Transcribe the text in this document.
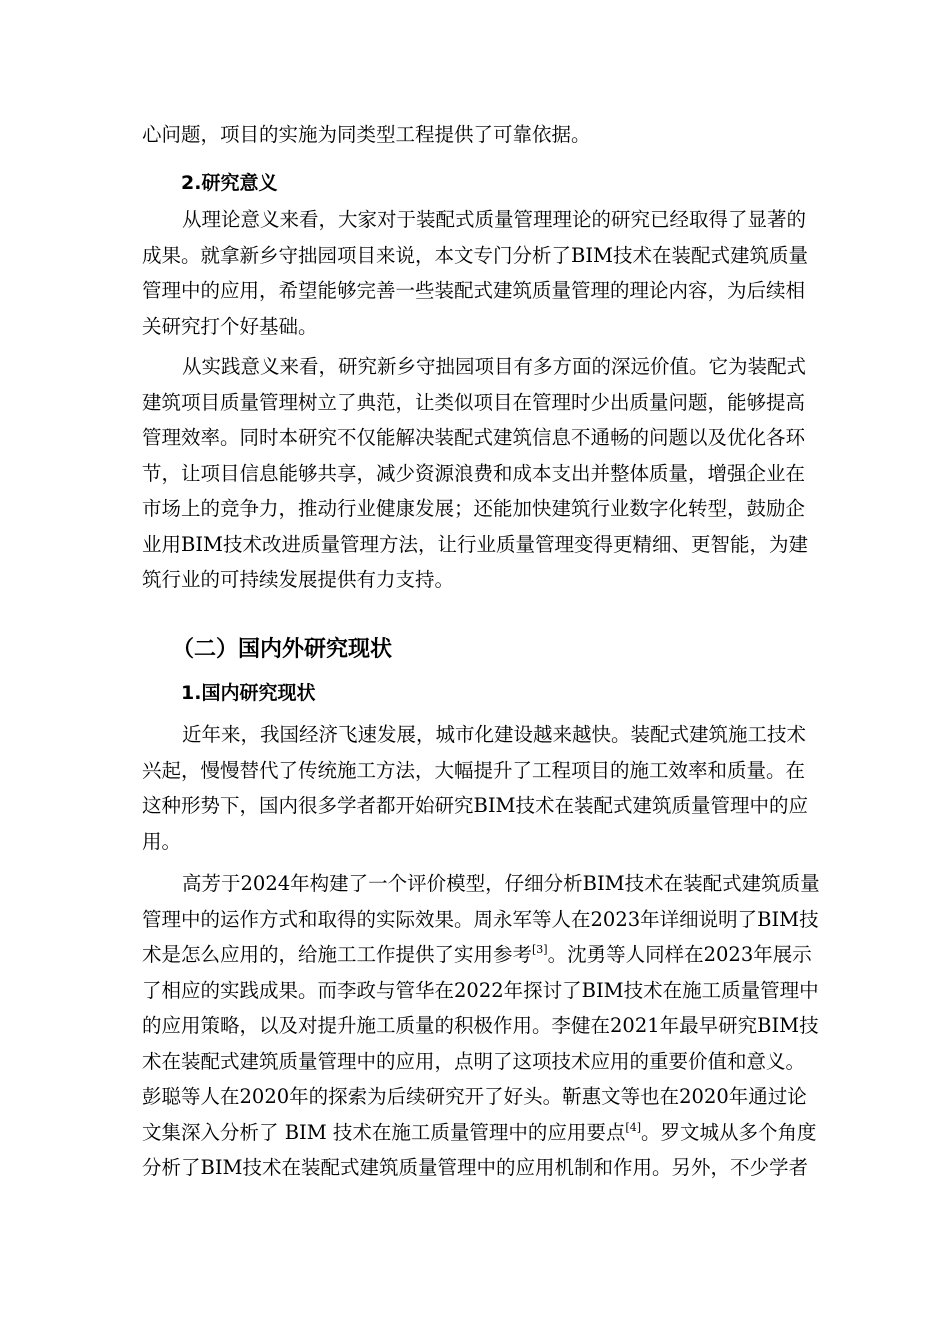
2.研究意义
（二）国内外研究现状
1.国内研究现状
心问题，项目的实施为同类型工程提供了可靠依据。
从理论意义来看，大家对于装配式质量管理理论的研究已经取得了显著的
成果。就拿新乡守拙园项目来说，本文专门分析了BIM技术在装配式建筑质量
管理中的应用，希望能够完善一些装配式建筑质量管理的理论内容，为后续相
关研究打个好基础。
从实践意义来看，研究新乡守拙园项目有多方面的深远价值。它为装配式
建筑项目质量管理树立了典范，让类似项目在管理时少出质量问题，能够提高
管理效率。同时本研究不仅能解决装配式建筑信息不通畅的问题以及优化各环
节，让项目信息能够共享，减少资源浪费和成本支出并整体质量，增强企业在
市场上的竞争力，推动行业健康发展；还能加快建筑行业数字化转型，鼓励企
业用BIM技术改进质量管理方法，让行业质量管理变得更精细、更智能，为建
筑行业的可持续发展提供有力支持。
近年来，我国经济飞速发展，城市化建设越来越快。装配式建筑施工技术
兴起，慢慢替代了传统施工方法，大幅提升了工程项目的施工效率和质量。在
这种形势下，国内很多学者都开始研究BIM技术在装配式建筑质量管理中的应
用。
高芳于2024年构建了一个评价模型，仔细分析BIM技术在装配式建筑质量
管理中的运作方式和取得的实际效果。周永军等人在2023年详细说明了BIM技
术是怎么应用的，给施工工作提供了实用参考[3]。沈勇等人同样在2023年展示
了相应的实践成果。而李政与管华在2022年探讨了BIM技术在施工质量管理中
的应用策略，以及对提升施工质量的积极作用。李健在2021年最早研究BIM技
术在装配式建筑质量管理中的应用，点明了这项技术应用的重要价值和意义。
彭聪等人在2020年的探索为后续研究开了好头。靳惠文等也在2020年通过论
文集深入分析了 BIM 技术在施工质量管理中的应用要点[4]。罗文城从多个角度
分析了BIM技术在装配式建筑质量管理中的应用机制和作用。另外，不少学者
